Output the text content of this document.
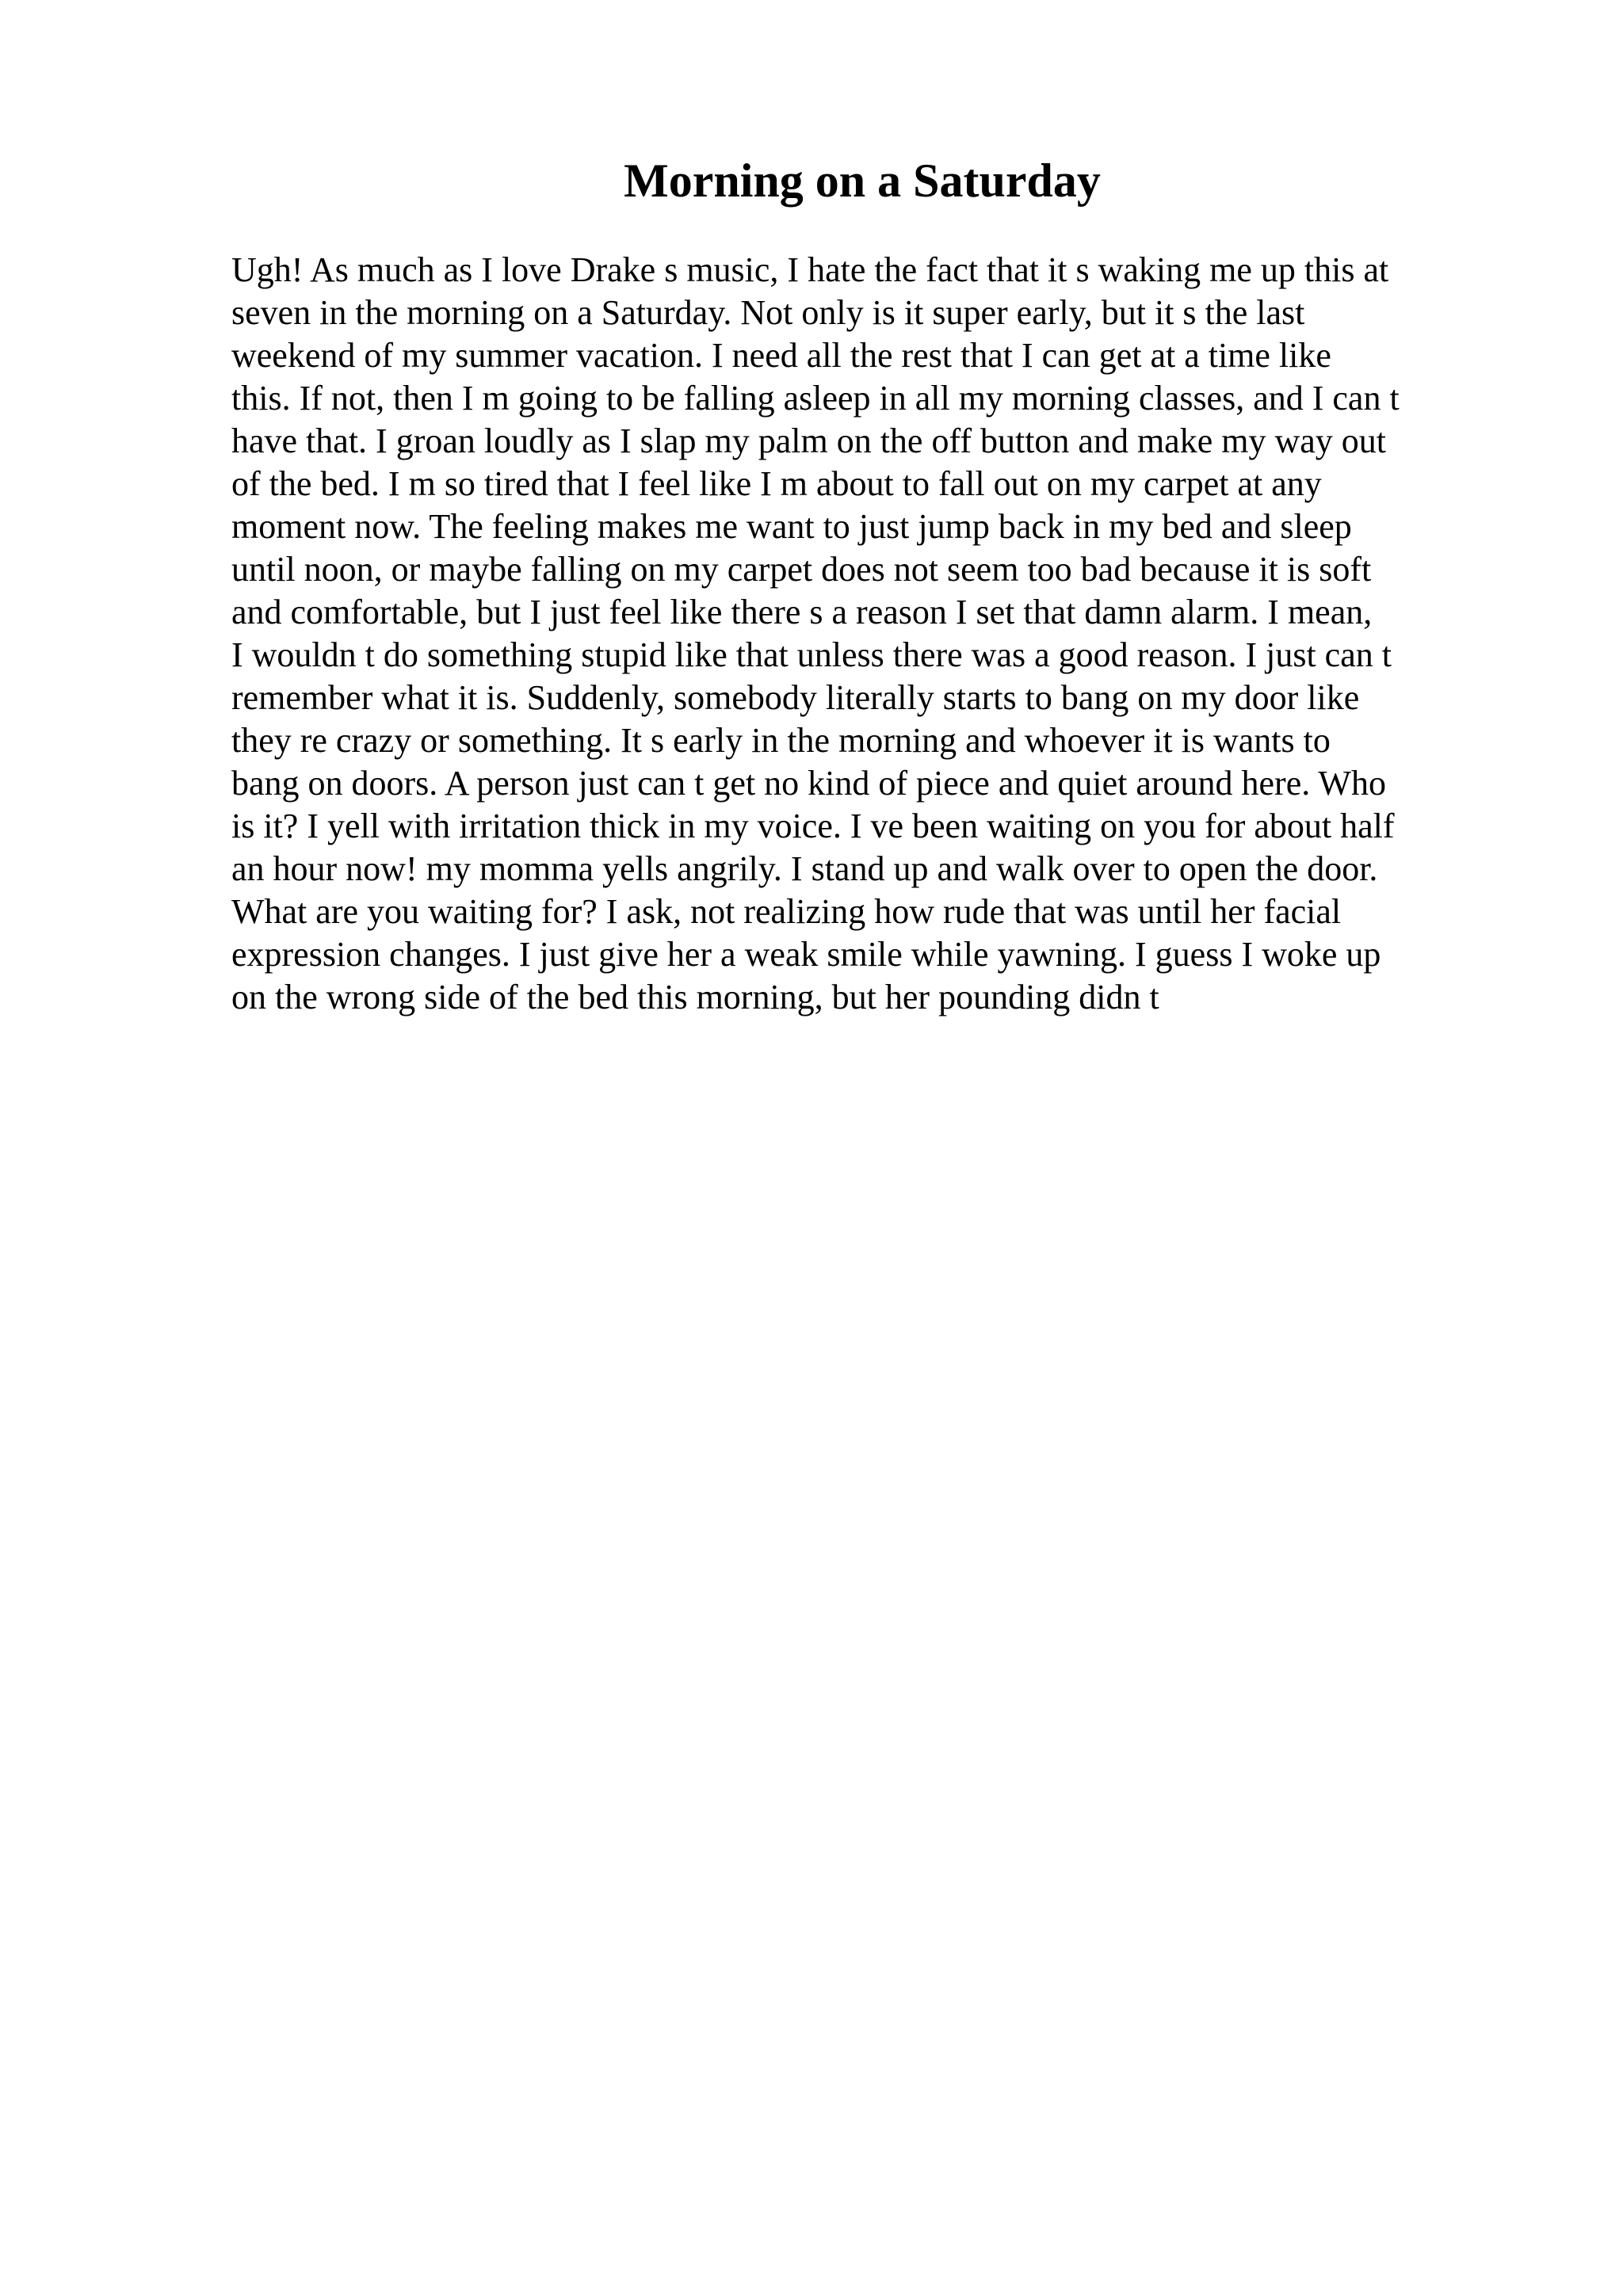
Morning on a Saturday
Ugh! As much as I love Drake s music, I hate the fact that it s waking me up this at
seven in the morning on a Saturday. Not only is it super early, but it s the last
weekend of my summer vacation. I need all the rest that I can get at a time like
this. If not, then I m going to be falling asleep in all my morning classes, and I can t
have that. I groan loudly as I slap my palm on the off button and make my way out
of the bed. I m so tired that I feel like I m about to fall out on my carpet at any
moment now. The feeling makes me want to just jump back in my bed and sleep
until noon, or maybe falling on my carpet does not seem too bad because it is soft
and comfortable, but I just feel like there s a reason I set that damn alarm. I mean,
I wouldn t do something stupid like that unless there was a good reason. I just can t
remember what it is. Suddenly, somebody literally starts to bang on my door like
they re crazy or something. It s early in the morning and whoever it is wants to
bang on doors. A person just can t get no kind of piece and quiet around here. Who
is it? I yell with irritation thick in my voice. I ve been waiting on you for about half
an hour now! my momma yells angrily. I stand up and walk over to open the door.
What are you waiting for? I ask, not realizing how rude that was until her facial
expression changes. I just give her a weak smile while yawning. I guess I woke up
on the wrong side of the bed this morning, but her pounding didn t
